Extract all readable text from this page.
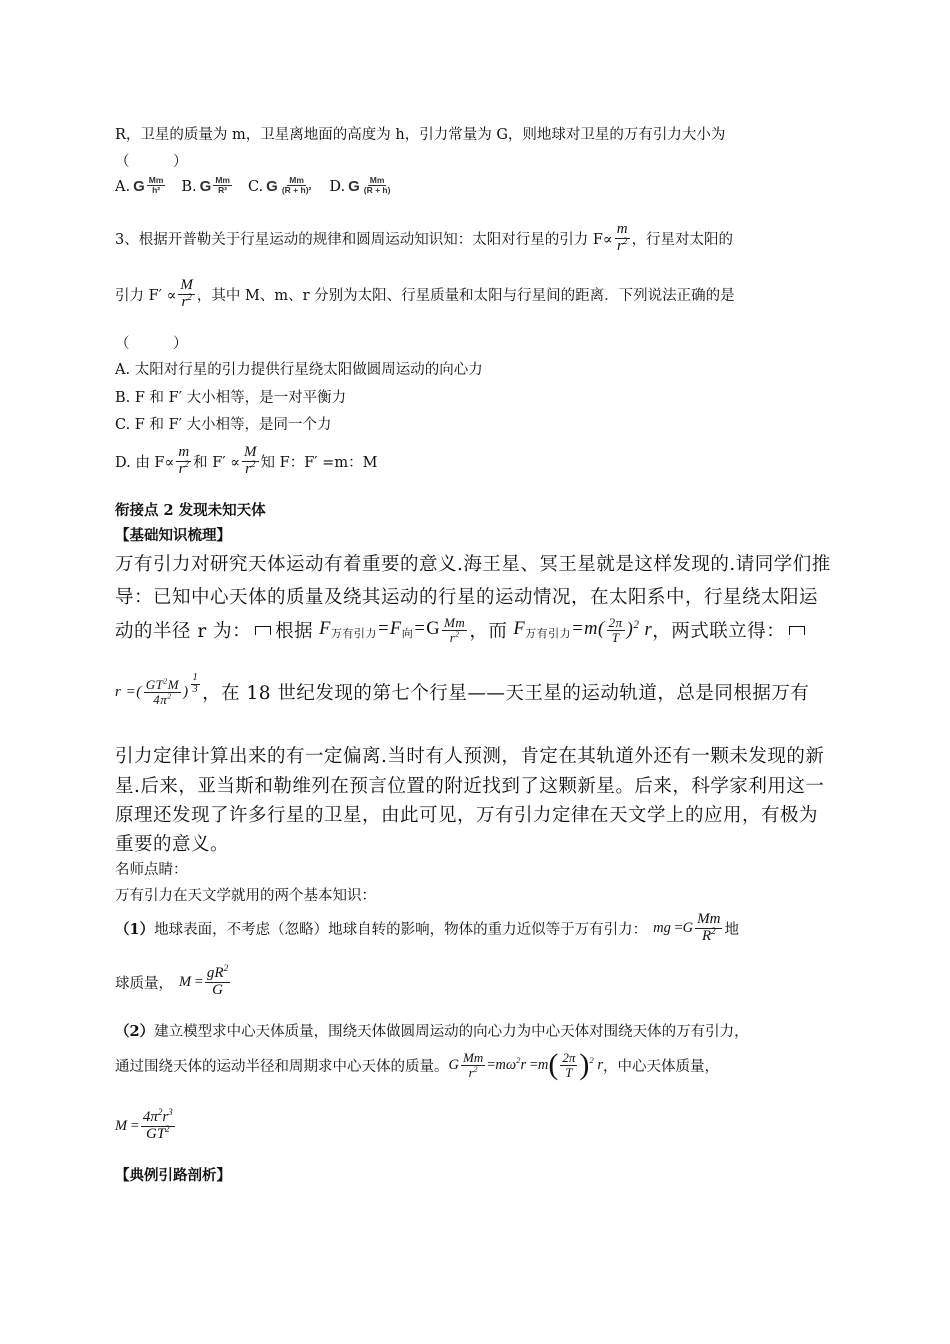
R，卫星的质量为 m，卫星离地面的高度为 h，引力常量为 G，则地球对卫星的万有引力大小为
（　　　）
A. G $\frac{Mm}{\text{h²}} B$. G $\frac{Mm}{\text{R²}} C$. G $\frac{Mm}{\text{(R + h)²}} D$. G $\frac{Mm}{(R + h)}$
3、根据开普勒关于行星运动的规律和圆周运动知识知：太阳对行星的引力 $F\propto \frac{m}{r^2}$ ，行星对太阳的
引力 $F' \propto \frac{M}{r^2}$ ，其中 M、m、r 分别为太阳、行星质量和太阳与行星间的距离．下列说法正确的是
（　　　）
A. 太阳对行星的引力提供行星绕太阳做圆周运动的向心力
B. F 和 F′ 大小相等，是一对平衡力
C. F 和 F′ 大小相等，是同一个力
D. 由 $F\propto \frac{m}{r^2}$ 和 $F' \propto \frac{M}{r^2}$ 知 F：F′ =m：M
衔接点 2 发现未知天体
【基础知识梳理】
万有引力对研究天体运动有着重要的意义.海王星、冥王星就是这样发现的.请同学们推
导：已知中心天体的质量及绕其运动的行星的运动情况，在太阳系中，行星绕太阳运
动的半径 r 为： 根据 $F_{万有引力}=F_向=G \frac{Mm}{r^2}$ ，而 $F_{万有引力}=m( \frac{2\pi}{T} )^2$ r ，两式联立得：
r =( $\frac{GT^2M}{4\pi^2}$ ) $\frac{1}{3}$ ，在 18 世纪发现的第七个行星——天王星的运动轨道，总是同根据万有
引力定律计算出来的有一定偏离.当时有人预测，肯定在其轨道外还有一颗未发现的新
星.后来，亚当斯和勒维列在预言位置的附近找到了这颗新星。后来，科学家利用这一
原理还发现了许多行星的卫星，由此可见，万有引力定律在天文学上的应用，有极为
重要的意义。
名师点睛：
万有引力在天文学就用的两个基本知识：
（1） 地球表面，不考虑（忽略）地球自转的影响，物体的重力近似等于万有引力： mg $=G \frac{Mm}{R^2}$ 地
球质量， $M = \frac{gR^2}{G}$
（2） 建立模型求中心天体质量，围绕天体做圆周运动的向心力为中心天体对围绕天体的万有引力，
通过围绕天体的运动半径和周期求中心天体的质量。 G $\frac{Mm}{r^2} =m\omega^2r =m$ ( $\frac{2\pi}{T}$ ) $^2$ r ，中心天体质量，
$M = \frac{4\pi^2r^3}{GT^2}$
【典例引路剖析】
